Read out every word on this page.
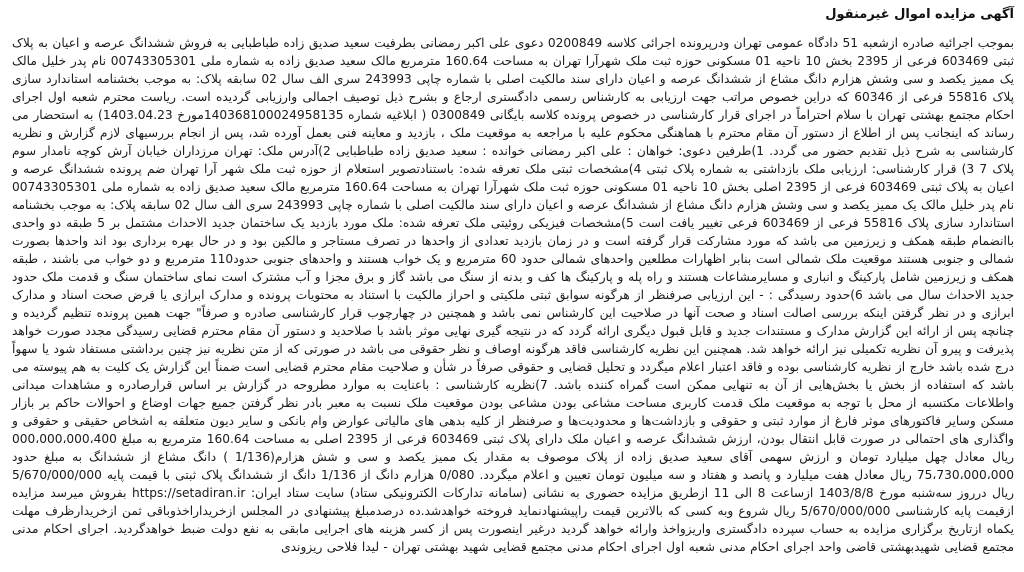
آگهی مزایده اموال غیرمنقول

بموجب اجرائیه صادره ازشعبه 51 دادگاه عمومی تهران ودرپرونده اجرائی کلاسه 0200849 دعوی علی اکبر رمضانی بطرفیت سعید صدیق زاده طباطبایی به فروش ششدانگ عرصه و اعیان به پلاک ثبتی 603469 فرعی از 2395 بخش 10 ناحیه 01 مسکونی حوزه ثبت ملک شهرآرا تهران به مساحت 160.64 مترمربع مالک سعید صدیق زاده به شماره ملی 00743305301 نام پدر خلیل مالک یک ممیز یکصد و سی وشش هزارم دانگ مشاع از ششدانگ عرصه و اعیان دارای سند مالکیت اصلی با شماره چاپی 243993 سری الف سال 02 سابقه پلاک: به موجب بخشنامه استاندارد سازی پلاک 55816 فرعی از 60346 که دراین خصوص مراتب جهت ارزیابی به کارشناس رسمی دادگستری ارجاع و بشرح ذیل توصیف اجمالی وارزیابی گردیده است. ریاست محترم شعبه اول اجرای احکام مجتمع بهشتی تهران با سلام احتراماً در اجرای قرار کارشناسی در خصوص پرونده کلاسه بایگانی 0300849 ( ابلاغیه شماره 140368100024958135مورخ 1403.04.23) به استحضار می رساند که اینجانب پس از اطلاع از دستور آن مقام محترم با هماهنگی محکوم علیه با مراجعه به موقعیت ملک ، بازدید و معاینه فنی بعمل آورده شد، پس از انجام بررسیهای لازم گزارش و نظریه کارشناسی به شرح ذیل تقدیم حضور می گردد. 1)طرفین دعوی: خواهان : علی اکبر رمضانی خوانده : سعید صدیق زاده طباطبایی 2)آدرس ملک: تهران مرزداران خیابان آرش کوچه نامدار سوم پلاک 7 3) قرار کارشناسی: ارزیابی ملک بازداشتی به شماره پلاک ثبتی 4)مشخصات ثبتی ملک تعرفه شده: باستنادتصویر استعلام از حوزه ثبت ملک شهر آرا تهران ضم پرونده ششدانگ عرصه و اعیان به پلاک ثبتی 603469 فرعی از 2395 اصلی بخش 10 ناحیه 01 مسکونی حوزه ثبت ملک شهرآرا تهران به مساحت 160.64 مترمربع مالک سعید صدیق زاده به شماره ملی 00743305301 نام پدر خلیل مالک یک ممیز یکصد و سی وشش هزارم دانگ مشاع از ششدانگ عرصه و اعیان دارای سند مالکیت اصلی با شماره چاپی 243993 سری الف سال 02 سابقه پلاک: به موجب بخشنامه استاندارد سازی پلاک 55816 فرعی از 603469 فرعی تغییر یافت است 5)مشخصات فیزیکی روئیتی ملک تعرفه شده: ملک مورد بازدید یک ساختمان جدید الاحداث مشتمل بر 5 طبقه دو واحدی باانضمام طبقه همکف و زیرزمین می باشد که مورد مشارکت قرار گرفته است و در زمان بازدید تعدادی از واحدها در تصرف مستاجر و مالکین بود و در حال بهره برداری بود اند واحدها بصورت شمالی و جنوبی هستند موقعیت ملک شمالی است بنابر اظهارات مطلعین واحدهای شمالی حدود 60 مترمربع و یک خواب هستند و واحدهای جنوبی حدود110 مترمربع و دو خواب می باشند ، طبقه همکف و زیرزمین شامل پارکینگ و انباری و مسایرمشاعات هستند و راه پله و پارکینگ ها کف و بدنه از سنگ می باشد گاز و برق مجزا و آب مشترک است نمای ساختمان سنگ و قدمت ملک حدود جدید الاحداث سال می باشد 6)حدود رسیدگی : - این ارزیابی صرفنظر از هرگونه سوابق ثبتی ملکیتی و احراز مالکیت با استناد به محتویات پرونده و مدارک ابرازی یا فرض صحت اسناد و مدارک ابرازی و در نظر گرفتن اینکه بررسی اصالت اسناد و صحت آنها در صلاحیت این کارشناس نمی باشد و همچنین در چهارچوب قرار کارشناسی صادره و صرفاً" جهت همین پرونده تنظیم گردیده و چنانچه پس از ارائه این گزارش مدارک و مستندات جدید و قابل قبول دیگری ارائه گردد که در نتیجه گیری نهایی موثر باشد با صلاحدید و دستور آن مقام محترم قضایی رسیدگی مجدد صورت خواهد پذیرفت و پیرو آن نظریه تکمیلی نیز ارائه خواهد شد. همچنین این نظریه کارشناسی فاقد هرگونه اوصاف و نظر حقوقی می باشد در صورتی که از متن نظریه نیز چنین برداشتی مستفاد شود یا سهواً درج شده باشد خارج از نظریه کارشناسی بوده و فاقد اعتبار اعلام میگردد و تحلیل قضایی و حقوقی صرفاً در شأن و صلاحیت مقام محترم قضایی است ضمناً این گزارش یک کلیت به هم پیوسته می باشد که استفاده از بخش یا بخش‌هایی از آن به تنهایی ممکن است گمراه کننده باشد. 7)نظریه کارشناسی : باعنایت به موارد مطروحه در گزارش بر اساس قرارصادره و مشاهدات میدانی واطلاعات مکتسبه از محل با توجه به موقعیت ملک قدمت کاربری مساحت مشاعی بودن مشاعی بودن موقعیت ملک نسبت به معبر بادر نظر گرفتن جمیع جهات اوضاع و احوالات حاکم بر بازار مسکن وسایر فاکتورهای موثر فارغ از موارد ثبتی و حقوقی و بازداشت‌ها و محدودیت‌ها و صرفنظر از کلیه بدهی های مالیاتی عوارض وام بانکی و سایر دیون متعلقه به اشخاص حقیقی و حقوقی و واگذاری های احتمالی در صورت قابل انتقال بودن، ارزش ششدانگ عرصه و اعیان ملک دارای پلاک ثبتی 603469 فرعی از 2395 اصلی به مساحت 160.64 مترمربع به مبلغ 000،000،000،400 ریال معادل چهل میلیارد تومان و ارزش سهمی آقای سعید صدیق زاده از پلاک موصوف به مقدار یک ممیز یکصد و سی و شش هزارم(1/136 ) دانگ مشاع از ششدانگ به مبلغ حدود 75،730،000،000 ریال معادل هفت میلیارد و پانصد و هفتاد و سه میلیون تومان تعیین و اعلام میگردد. 0/080 هزارم دانگ از 1/136 دانگ از ششدانگ پلاک ثبتی با قیمت پایه 5/670/000/000 ریال درروز سه‌شنبه مورخ 1403/8/8 ازساعت 8 الی 11 ازطریق مزایده حضوری به نشانی (سامانه تدارکات الکترونیکی ستاد) سایت ستاد ایران: https://setadiran.ir بفروش میرسد مزایده ازقیمت پایه کارشناسی 5/670/000/000 ریال شروع وبه کسی که بالاترین قیمت راپیشنهادنماید فروخته خواهدشد.ده درصدمبلغ پیشنهادی در المجلس ازخریداراخذوباقی ثمن ازخریدارظرف مهلت یکماه ازتاریخ برگزاری مزایده به حساب سپرده دادگستری واریزواخذ وارائه خواهد گردید درغیر اینصورت پس از کسر هزینه های اجرایی مابقی به نفع دولت ضبط خواهدگردید. اجرای احکام مدنی مجتمع قضایی شهیدبهشتی قاضی واحد اجرای احکام مدنی شعبه اول اجرای احکام مدنی مجتمع قضایی شهید بهشتی تهران - لیدا فلاحی ریزوندی
